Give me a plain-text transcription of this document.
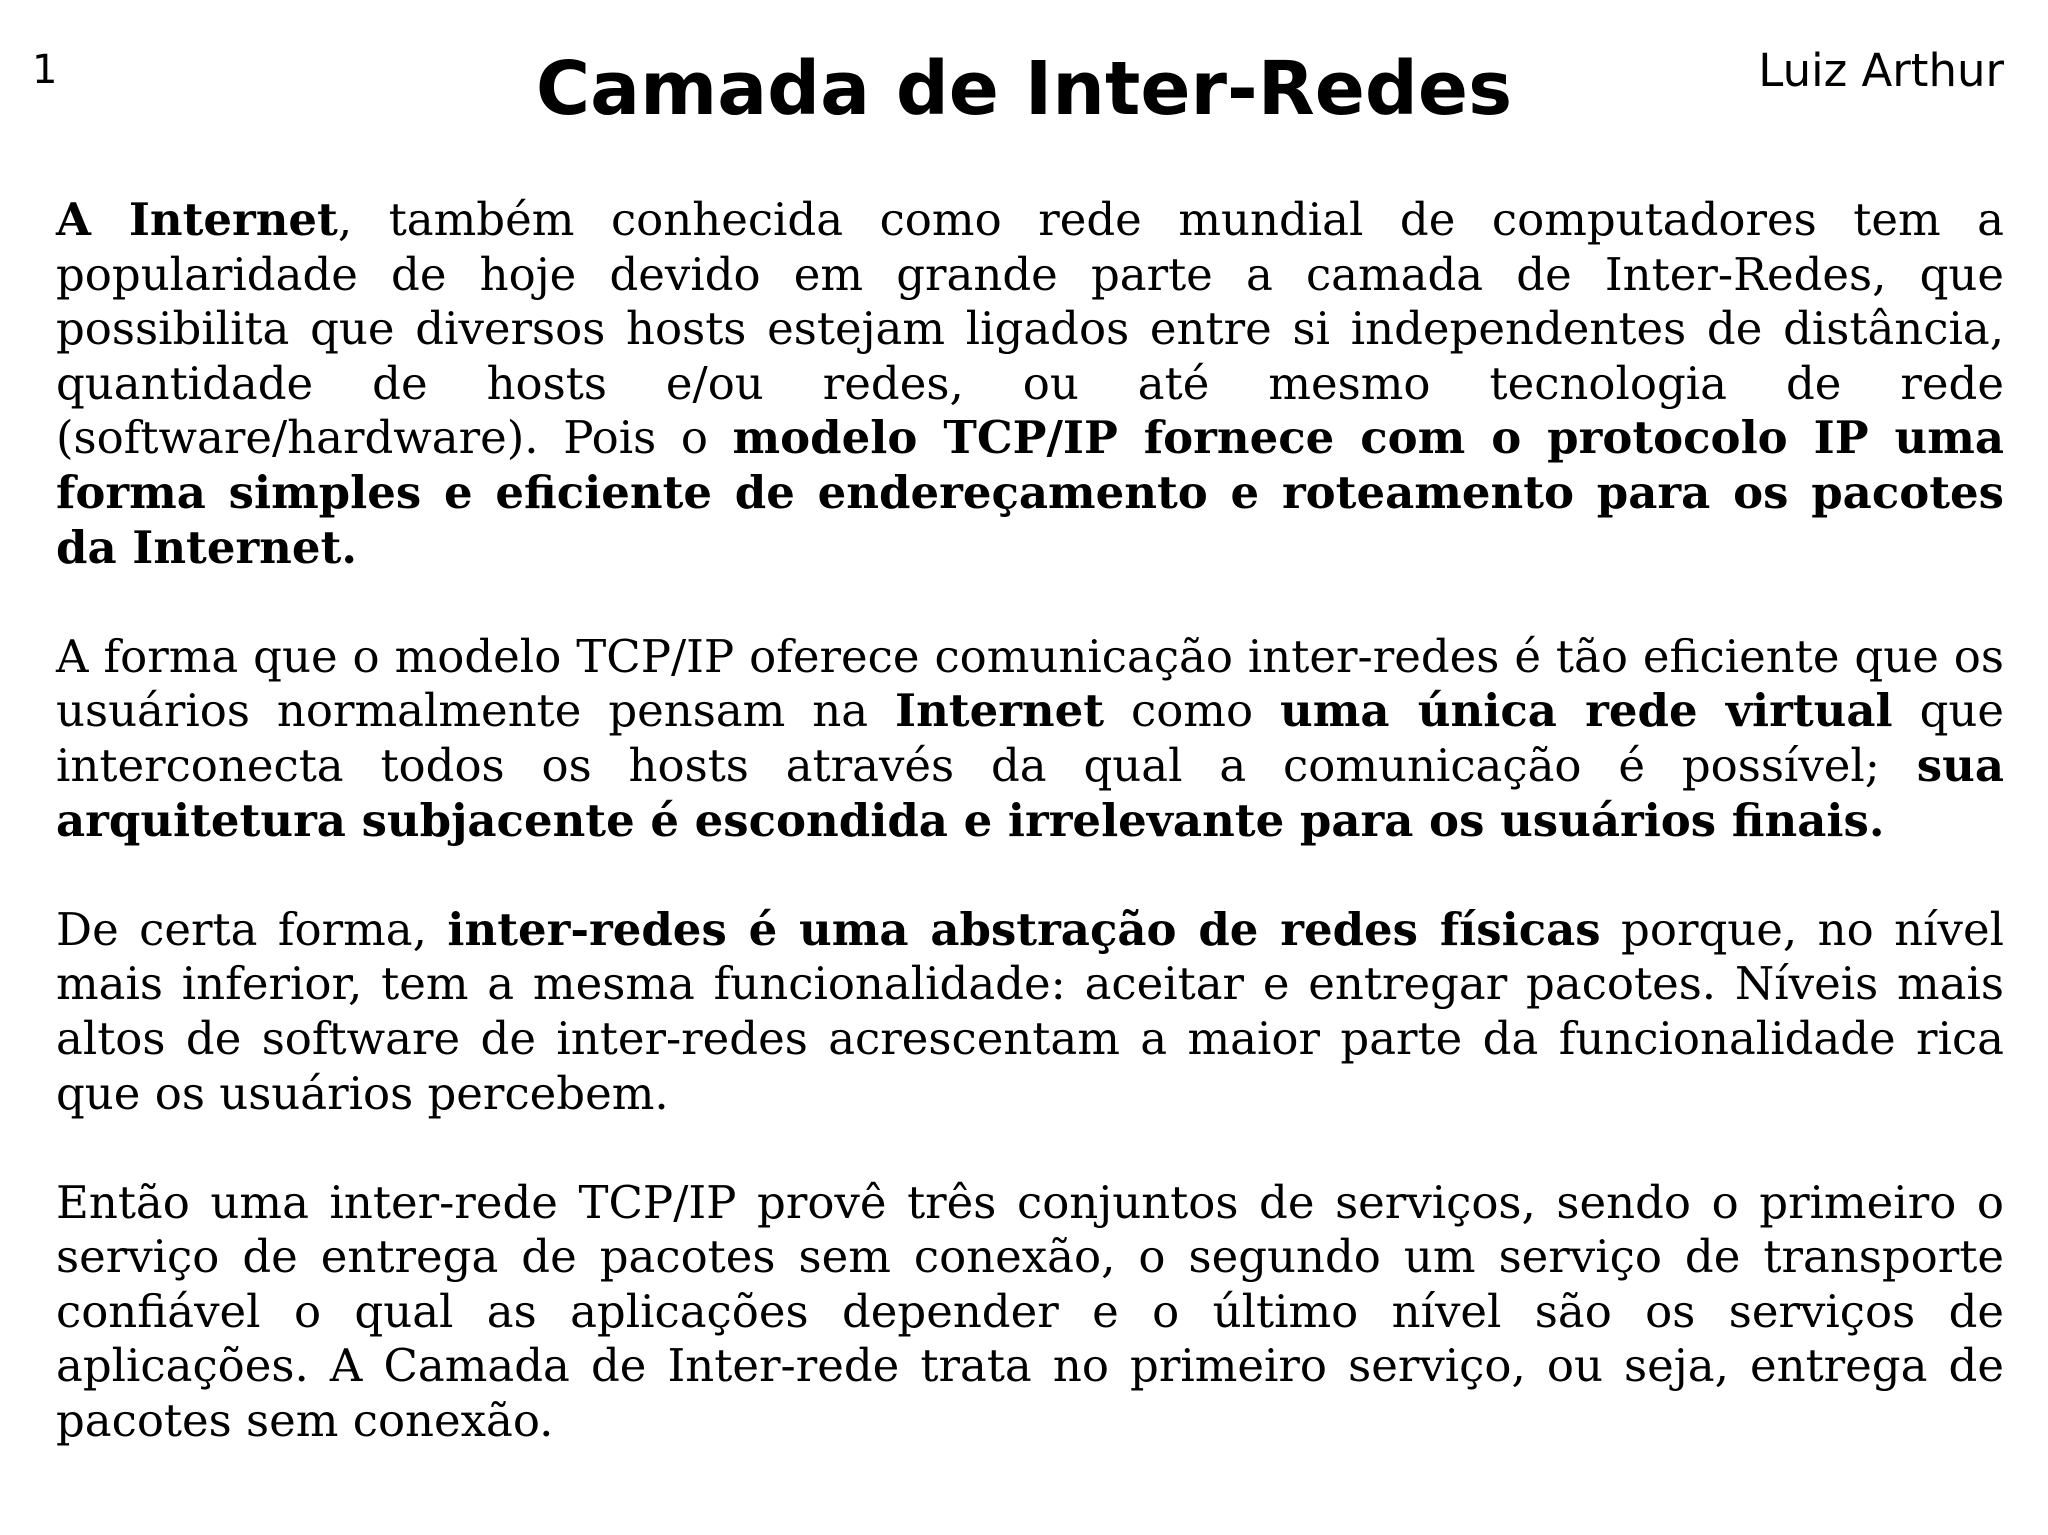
1	Camada de Inter-Redes	Luiz Arthur

A Internet, também conhecida como rede mundial de computadores tem a popularidade de hoje devido em grande parte a camada de Inter-Redes, que possibilita que diversos hosts estejam ligados entre si independentes de distância, quantidade de hosts e/ou redes, ou até mesmo tecnologia de rede (software/hardware). Pois o modelo TCP/IP fornece com o protocolo IP uma forma simples e eficiente de endereçamento e roteamento para os pacotes da Internet.

A forma que o modelo TCP/IP oferece comunicação inter-redes é tão eficiente que os usuários normalmente pensam na Internet como uma única rede virtual que interconecta todos os hosts através da qual a comunicação é possível; sua arquitetura subjacente é escondida e irrelevante para os usuários finais.

De certa forma, inter-redes é uma abstração de redes físicas porque, no nível mais inferior, tem a mesma funcionalidade: aceitar e entregar pacotes. Níveis mais altos de software de inter-redes acrescentam a maior parte da funcionalidade rica que os usuários percebem.

Então uma inter-rede TCP/IP provê três conjuntos de serviços, sendo o primeiro o serviço de entrega de pacotes sem conexão, o segundo um serviço de transporte confiável o qual as aplicações depender e o último nível são os serviços de aplicações. A Camada de Inter-rede trata no primeiro serviço, ou seja, entrega de pacotes sem conexão.
